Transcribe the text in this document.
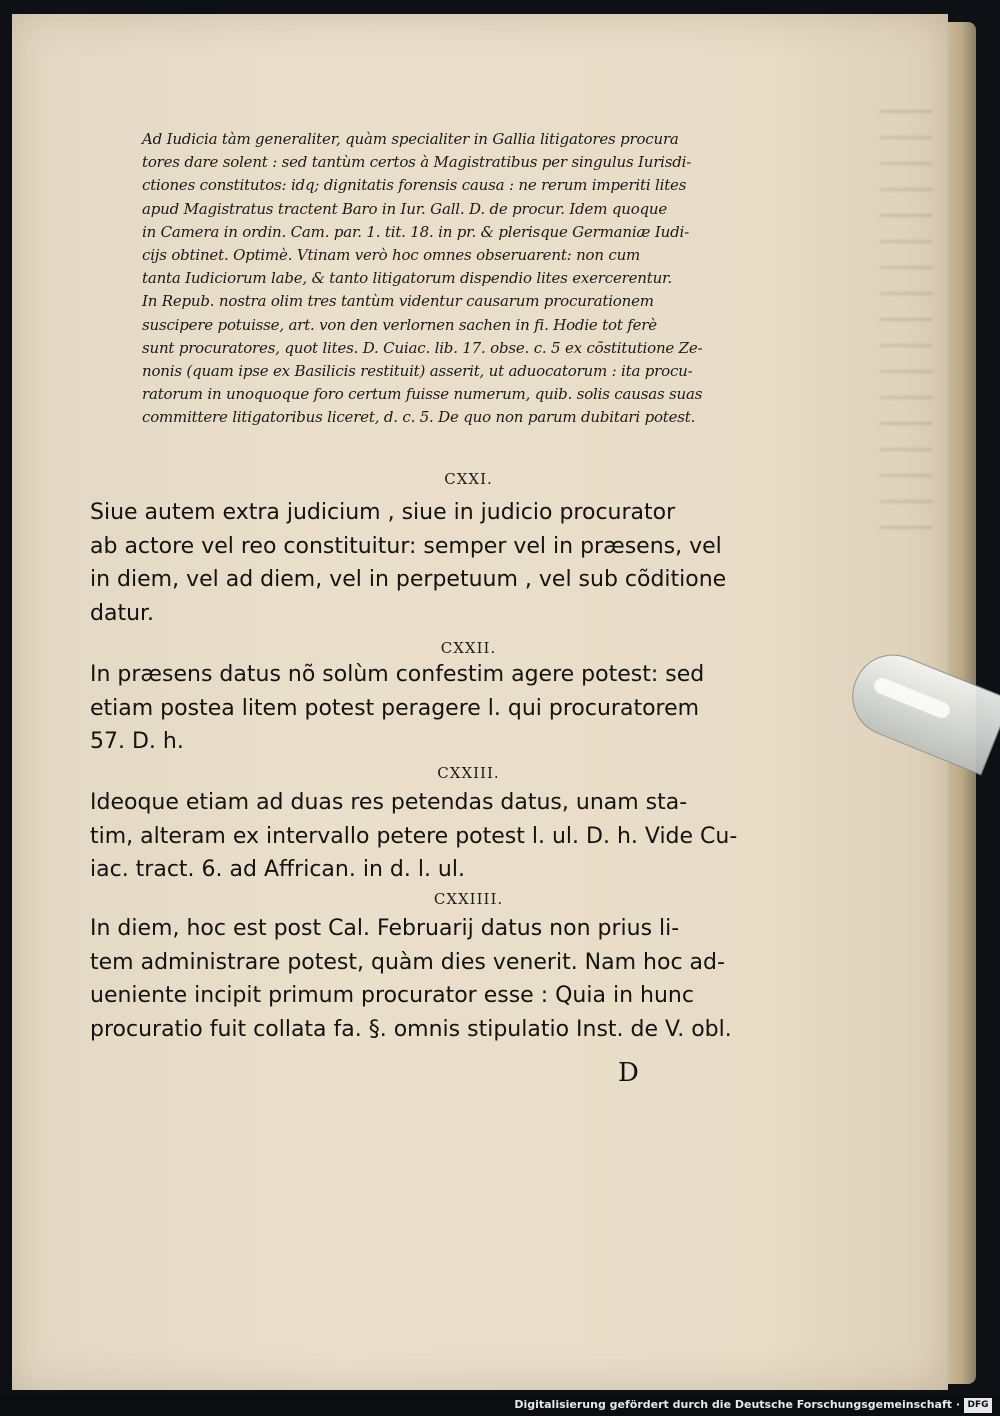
Ad Iudicia tàm generaliter, quàm specialiter in Gallia litigatores procura
tores dare solent : sed tantùm certos à Magistratibus per singulus Iurisdi-
ctiones constitutos: idq; dignitatis forensis causa : ne rerum imperiti lites
apud Magistratus tractent Baro in Iur. Gall. D. de procur. Idem quoque
in Camera in ordin. Cam. par. 1. tit. 18. in pr. & plerisque Germaniæ Iudi-
cijs obtinet. Optimè. Vtinam verò hoc omnes obseruarent: non cum
tanta Iudiciorum labe, & tanto litigatorum dispendio lites exercerentur.
In Repub. nostra olim tres tantùm videntur causarum procurationem
suscipere potuisse, art. von den verlornen sachen in fi. Hodie tot ferè
sunt procuratores, quot lites. D. Cuiac. lib. 17. obse. c. 5 ex cõstitutione Ze-
nonis (quam ipse ex Basilicis restituit) asserit, ut aduocatorum : ita procu-
ratorum in unoquoque foro certum fuisse numerum, quib. solis causas suas
committere litigatoribus liceret, d. c. 5. De quo non parum dubitari potest.
CXXI.
Siue autem extra judicium , siue in judicio procurator
ab actore vel reo constituitur: semper vel in præsens, vel
in diem, vel ad diem, vel in perpetuum , vel sub cõditione
datur.
CXXII.
In præsens datus nõ solùm confestim agere potest: sed
etiam postea litem potest peragere l. qui procuratorem
57. D. h.
CXXIII.
Ideoque etiam ad duas res petendas datus, unam sta-
tim, alteram ex intervallo petere potest l. ul. D. h. Vide Cu-
iac. tract. 6. ad Affrican. in d. l. ul.
CXXIIII.
In diem, hoc est post Cal. Februarij datus non prius li-
tem administrare potest, quàm dies venerit. Nam hoc ad-
ueniente incipit primum procurator esse : Quia in hunc
procuratio fuit collata fa. §. omnis stipulatio Inst. de V. obl.
D
Digitalisierung gefördert durch die Deutsche Forschungsgemeinschaft · DFG
